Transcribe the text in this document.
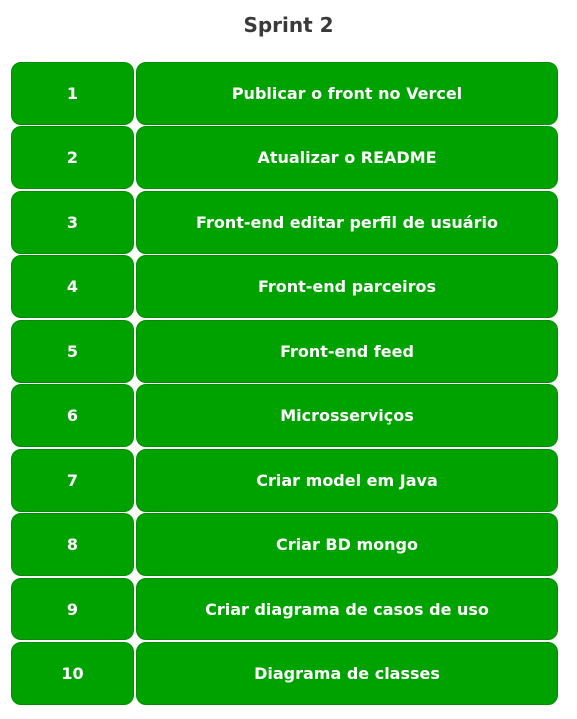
Sprint 2
1	Publicar o front no Vercel
2	Atualizar o README
3	Front-end editar perfil de usuário
4	Front-end parceiros
5	Front-end feed
6	Microsserviços
7	Criar model em Java
8	Criar BD mongo
9	Criar diagrama de casos de uso
10	Diagrama de classes
